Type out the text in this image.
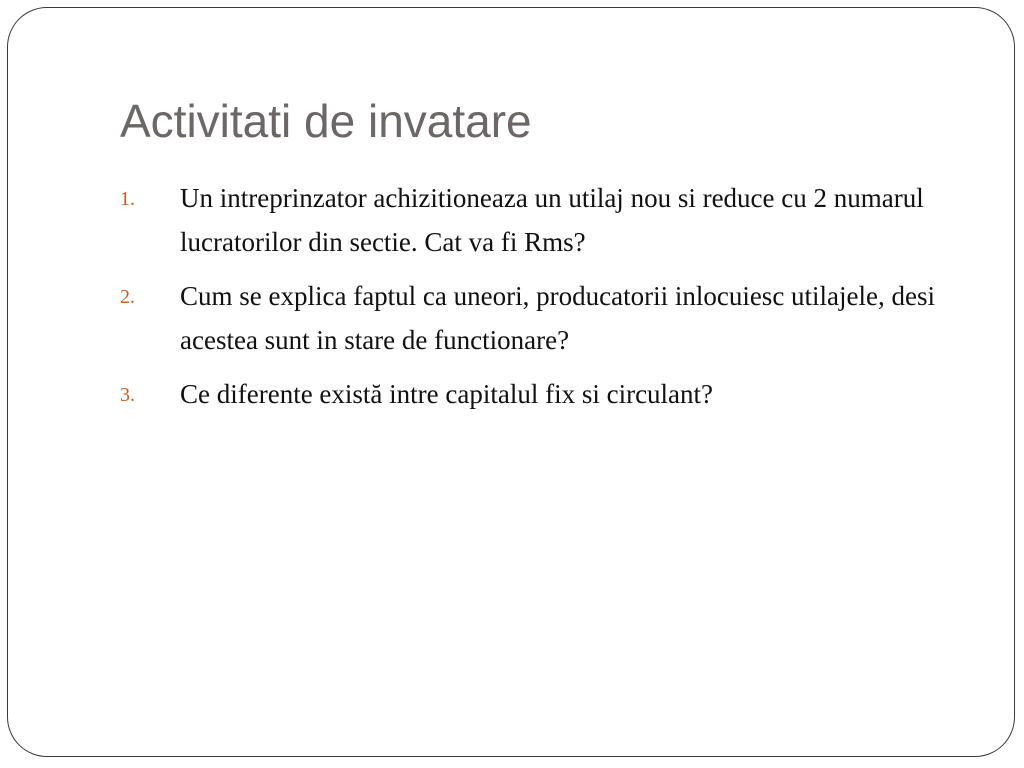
Activitati de invatare
1.	Un intreprinzator achizitioneaza un utilaj nou si reduce cu 2 numarul lucratorilor din sectie. Cat va fi Rms?
2.	Cum se explica faptul ca uneori, producatorii inlocuiesc utilajele, desi acestea sunt in stare de functionare?
3.	Ce diferente există intre capitalul fix si circulant?
